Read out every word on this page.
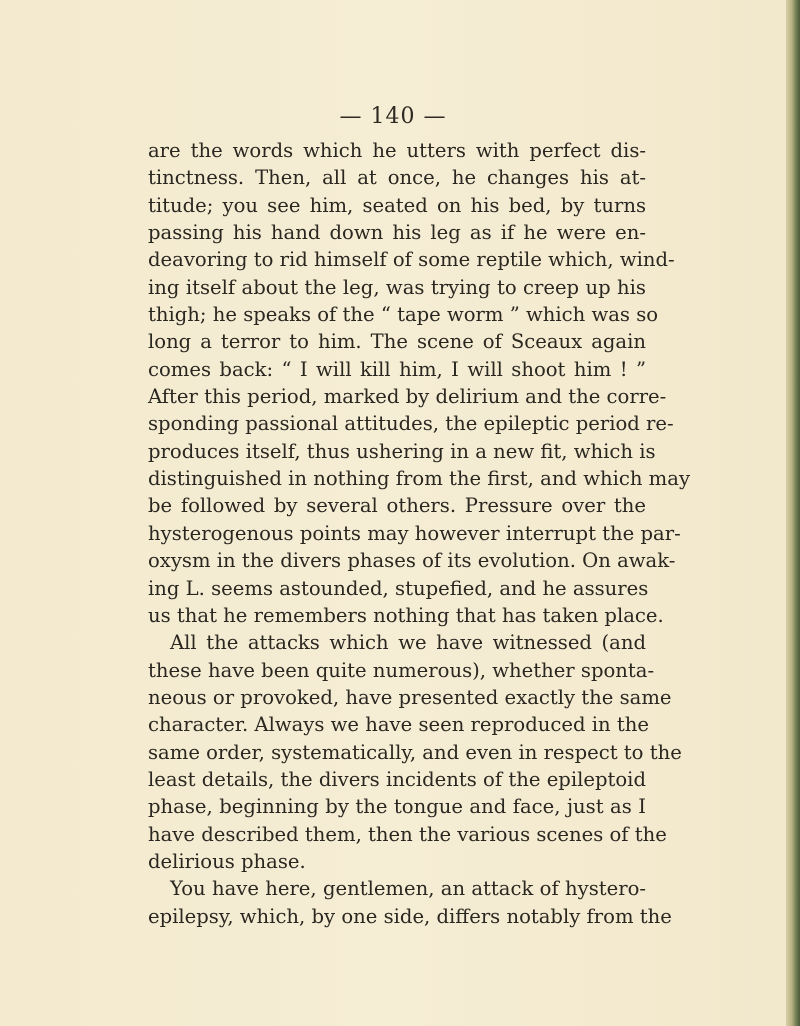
— 140 —
are the words which he utters with perfect dis-
tinctness. Then, all at once, he changes his at-
titude; you see him, seated on his bed, by turns
passing his hand down his leg as if he were en-
deavoring to rid himself of some reptile which, wind-
ing itself about the leg, was trying to creep up his
thigh; he speaks of the “ tape worm ” which was so
long a terror to him. The scene of Sceaux again
comes back: “ I will kill him, I will shoot him ! ”
After this period, marked by delirium and the corre-
sponding passional attitudes, the epileptic period re-
produces itself, thus ushering in a new fit, which is
distinguished in nothing from the first, and which may
be followed by several others. Pressure over the
hysterogenous points may however interrupt the par-
oxysm in the divers phases of its evolution. On awak-
ing L. seems astounded, stupefied, and he assures
us that he remembers nothing that has taken place.
All the attacks which we have witnessed (and
these have been quite numerous), whether sponta-
neous or provoked, have presented exactly the same
character. Always we have seen reproduced in the
same order, systematically, and even in respect to the
least details, the divers incidents of the epileptoid
phase, beginning by the tongue and face, just as I
have described them, then the various scenes of the
delirious phase.
You have here, gentlemen, an attack of hystero-
epilepsy, which, by one side, differs notably from the
